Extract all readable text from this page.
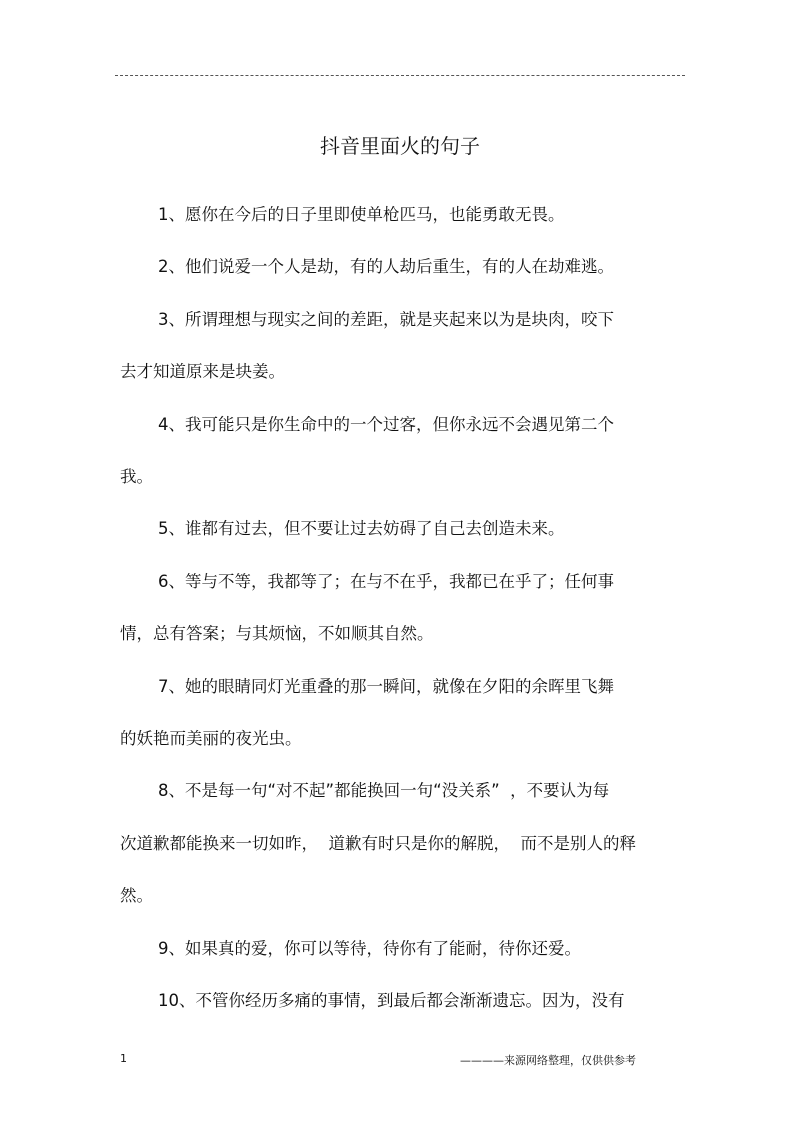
抖音里面火的句子
1、愿你在今后的日子里即使单枪匹马，也能勇敢无畏。
2、他们说爱一个人是劫，有的人劫后重生，有的人在劫难逃。
3、所谓理想与现实之间的差距，就是夹起来以为是块肉，咬下
去才知道原来是块姜。
4、我可能只是你生命中的一个过客，但你永远不会遇见第二个
我。
5、谁都有过去，但不要让过去妨碍了自己去创造未来。
6、等与不等，我都等了；在与不在乎，我都已在乎了；任何事
情，总有答案；与其烦恼，不如顺其自然。
7、她的眼睛同灯光重叠的那一瞬间，就像在夕阳的余晖里飞舞
的妖艳而美丽的夜光虫。
8、不是每一句“对不起”都能换回一句“没关系”  ，不要认为每
次道歉都能换来一切如昨，  道歉有时只是你的解脱，  而不是别人的释
然。
9、如果真的爱，你可以等待，待你有了能耐，待你还爱。
10、不管你经历多痛的事情，到最后都会渐渐遗忘。因为，没有
1	————来源网络整理，仅供供参考
